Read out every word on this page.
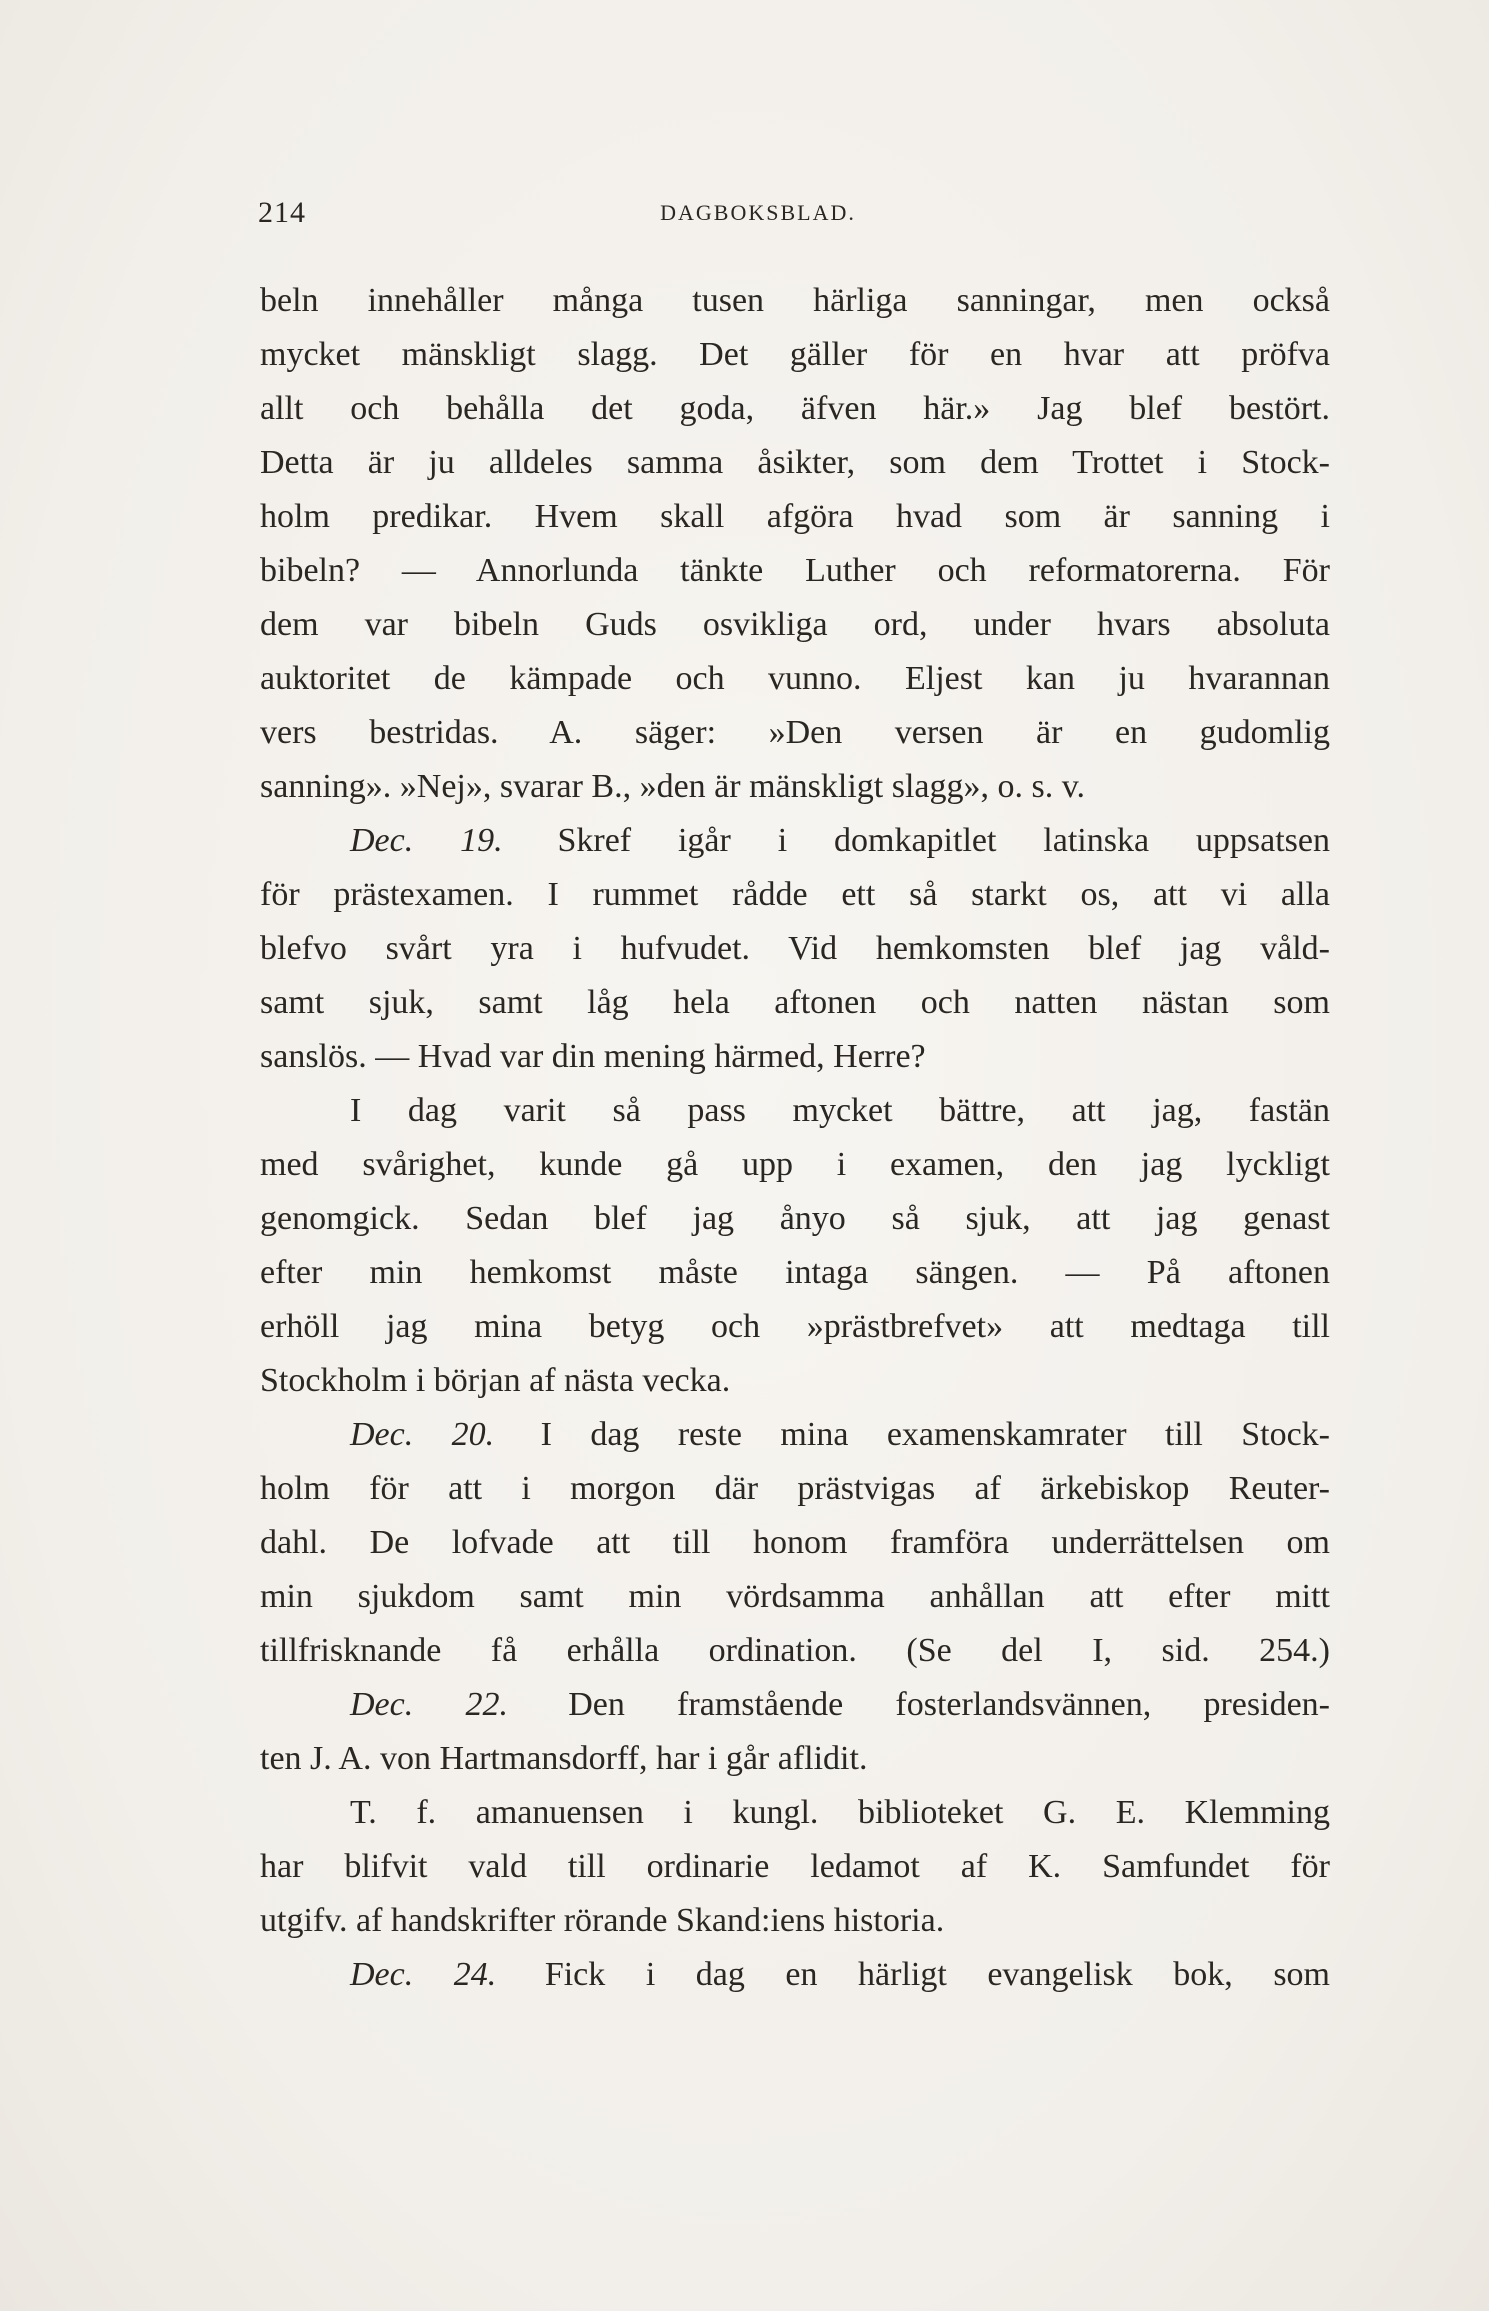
214	DAGBOKSBLAD.
beln innehåller många tusen härliga sanningar, men också
mycket mänskligt slagg. Det gäller för en hvar att pröfva
allt och behålla det goda, äfven här.» Jag blef bestört.
Detta är ju alldeles samma åsikter, som dem Trottet i Stock-
holm predikar. Hvem skall afgöra hvad som är sanning i
bibeln? — Annorlunda tänkte Luther och reformatorerna. För
dem var bibeln Guds osvikliga ord, under hvars absoluta
auktoritet de kämpade och vunno. Eljest kan ju hvarannan
vers bestridas. A. säger: »Den versen är en gudomlig
sanning». »Nej», svarar B., »den är mänskligt slagg», o. s. v.
Dec. 19. Skref igår i domkapitlet latinska uppsatsen
för prästexamen. I rummet rådde ett så starkt os, att vi alla
blefvo svårt yra i hufvudet. Vid hemkomsten blef jag våld-
samt sjuk, samt låg hela aftonen och natten nästan som
sanslös. — Hvad var din mening härmed, Herre?
I dag varit så pass mycket bättre, att jag, fastän
med svårighet, kunde gå upp i examen, den jag lyckligt
genomgick. Sedan blef jag ånyo så sjuk, att jag genast
efter min hemkomst måste intaga sängen. — På aftonen
erhöll jag mina betyg och »prästbrefvet» att medtaga till
Stockholm i början af nästa vecka.
Dec. 20. I dag reste mina examenskamrater till Stock-
holm för att i morgon där prästvigas af ärkebiskop Reuter-
dahl. De lofvade att till honom framföra underrättelsen om
min sjukdom samt min vördsamma anhållan att efter mitt
tillfrisknande få erhålla ordination. (Se del I, sid. 254.)
Dec. 22. Den framstående fosterlandsvännen, presiden-
ten J. A. von Hartmansdorff, har i går aflidit.
T. f. amanuensen i kungl. biblioteket G. E. Klemming
har blifvit vald till ordinarie ledamot af K. Samfundet för
utgifv. af handskrifter rörande Skand:iens historia.
Dec. 24. Fick i dag en härligt evangelisk bok, som
